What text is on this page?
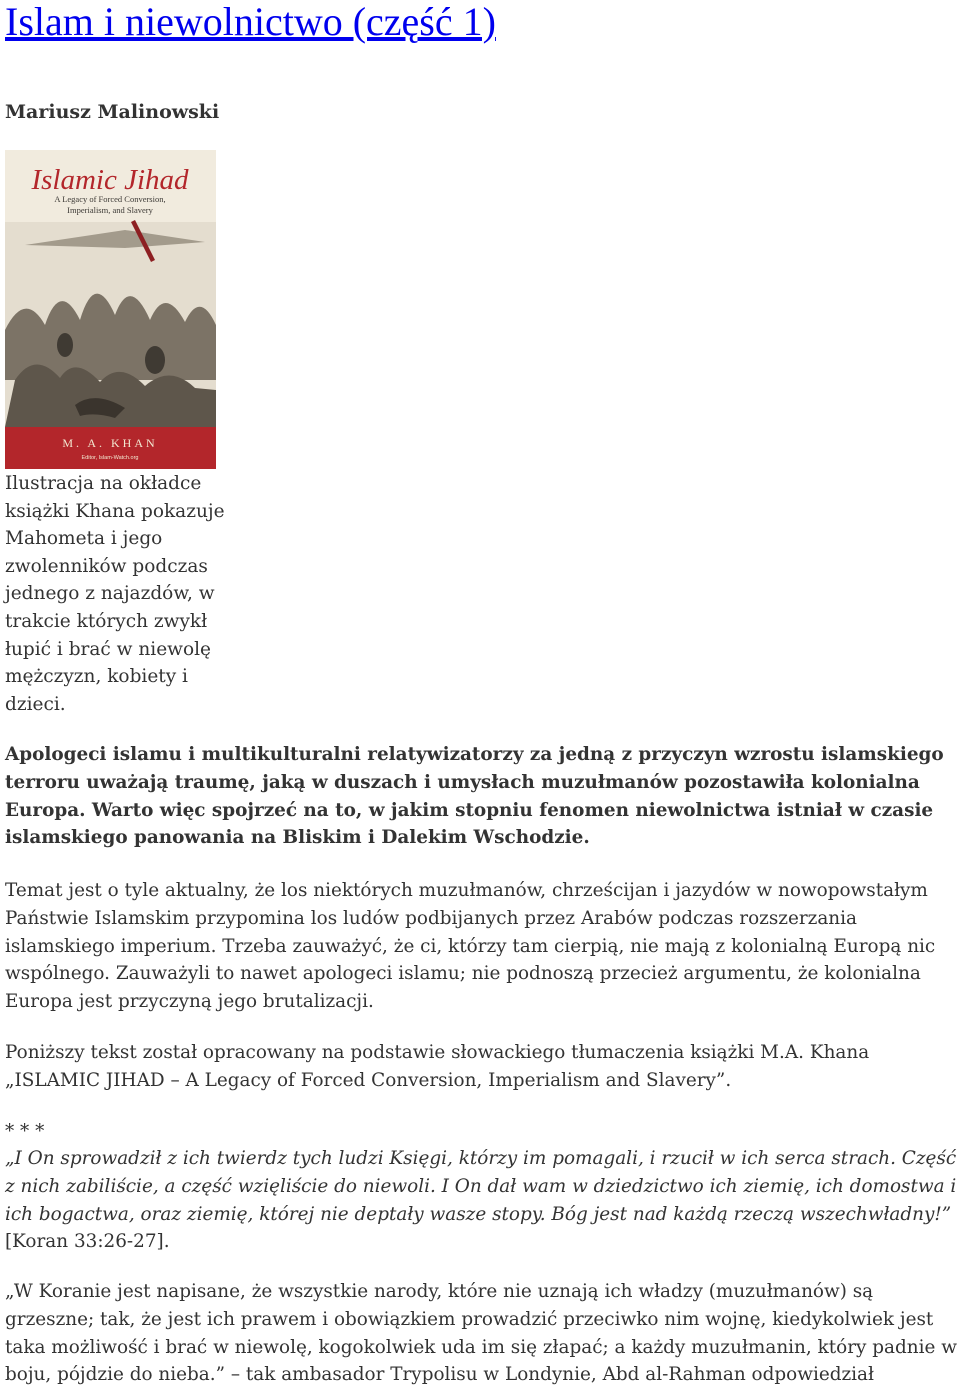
Islam i niewolnictwo (część 1)

Mariusz Malinowski

Islamic Jihad
A Legacy of Forced Conversion,
Imperialism, and Slavery
M. A. KHAN
Editor, Islam-Watch.org

Ilustracja na okładce książki Khana pokazuje Mahometa i jego zwolenników podczas jednego z najazdów, w trakcie których zwykł łupić i brać w niewolę mężczyzn, kobiety i dzieci.

Apologeci islamu i multikulturalni relatywizatorzy za jedną z przyczyn wzrostu islamskiego terroru uważają traumę, jaką w duszach i umysłach muzułmanów pozostawiła kolonialna Europa. Warto więc spojrzeć na to, w jakim stopniu fenomen niewolnictwa istniał w czasie islamskiego panowania na Bliskim i Dalekim Wschodzie.

Temat jest o tyle aktualny, że los niektórych muzułmanów, chrześcijan i jazydów w nowopowstałym Państwie Islamskim przypomina los ludów podbijanych przez Arabów podczas rozszerzania islamskiego imperium. Trzeba zauważyć, że ci, którzy tam cierpią, nie mają z kolonialną Europą nic wspólnego. Zauważyli to nawet apologeci islamu; nie podnoszą przecież argumentu, że kolonialna Europa jest przyczyną jego brutalizacji.

Poniższy tekst został opracowany na podstawie słowackiego tłumaczenia książki M.A. Khana „ISLAMIC JIHAD – A Legacy of Forced Conversion, Imperialism and Slavery”.

* * *

„I On sprowadził z ich twierdz tych ludzi Księgi, którzy im pomagali, i rzucił w ich serca strach. Część z nich zabiliście, a część wzięliście do niewoli. I On dał wam w dziedzictwo ich ziemię, ich domostwa i ich bogactwa, oraz ziemię, której nie deptały wasze stopy. Bóg jest nad każdą rzeczą wszechwładny!” [Koran 33:26-27].

„W Koranie jest napisane, że wszystkie narody, które nie uznają ich władzy (muzułmanów) są grzeszne; tak, że jest ich prawem i obowiązkiem prowadzić przeciwko nim wojnę, kiedykolwiek jest taka możliwość i brać w niewolę, kogokolwiek uda im się złapać; a każdy muzułmanin, który padnie w boju, pójdzie do nieba.” – tak ambasador Trypolisu w Londynie, Abd al-Rahman odpowiedział
